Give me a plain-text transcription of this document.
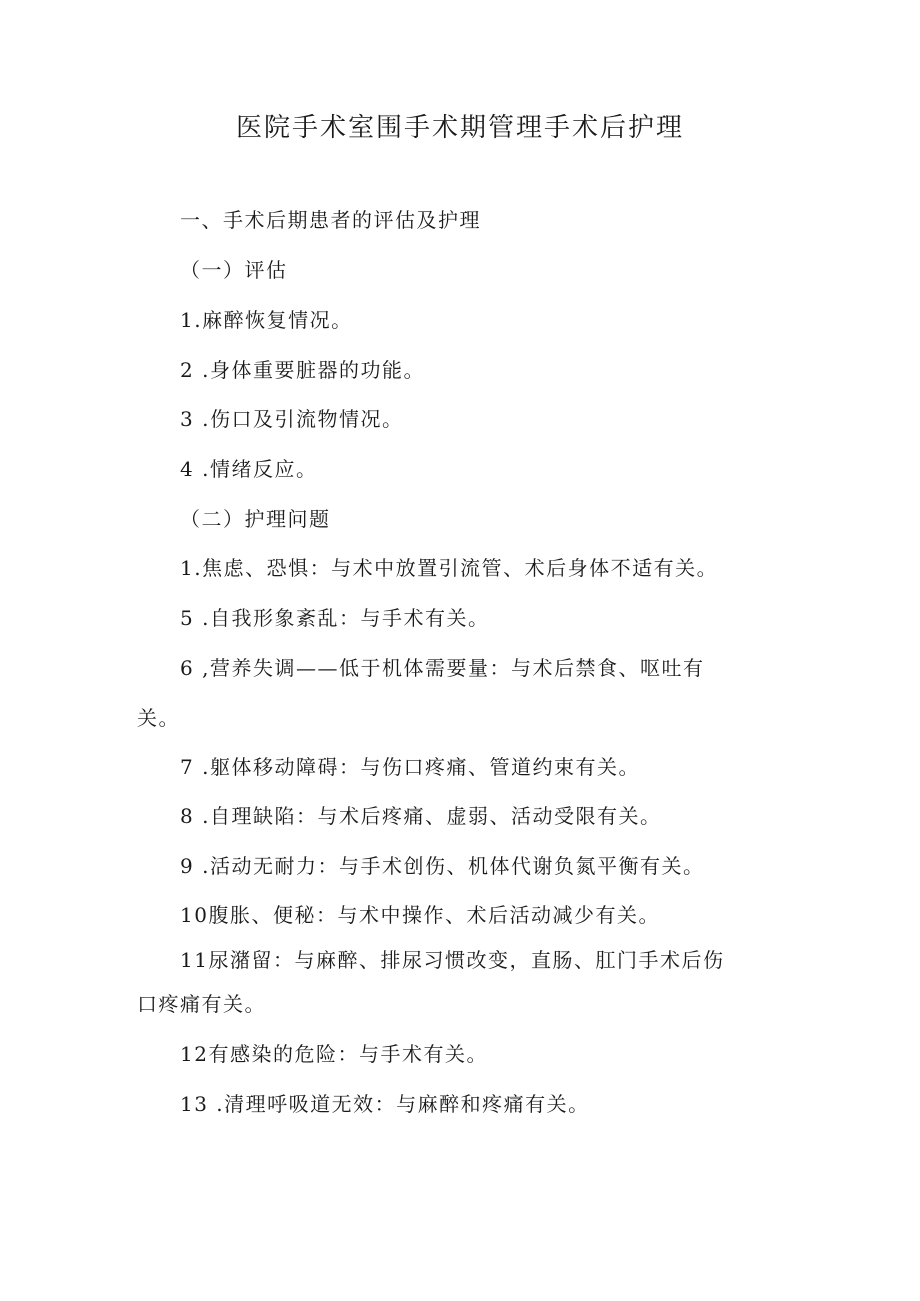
医院手术室围手术期管理手术后护理
一、手术后期患者的评估及护理
（一）评估
1.麻醉恢复情况。
2 .身体重要脏器的功能。
3 .伤口及引流物情况。
4 .情绪反应。
（二）护理问题
1.焦虑、恐惧：与术中放置引流管、术后身体不适有关。
5 .自我形象紊乱：与手术有关。
6 ,营养失调——低于机体需要量：与术后禁食、呕吐有
关。
7 .躯体移动障碍：与伤口疼痛、管道约束有关。
8 .自理缺陷：与术后疼痛、虚弱、活动受限有关。
9 .活动无耐力：与手术创伤、机体代谢负氮平衡有关。
10腹胀、便秘：与术中操作、术后活动减少有关。
11尿潴留：与麻醉、排尿习惯改变，直肠、肛门手术后伤
口疼痛有关。
12有感染的危险：与手术有关。
13 .清理呼吸道无效：与麻醉和疼痛有关。
